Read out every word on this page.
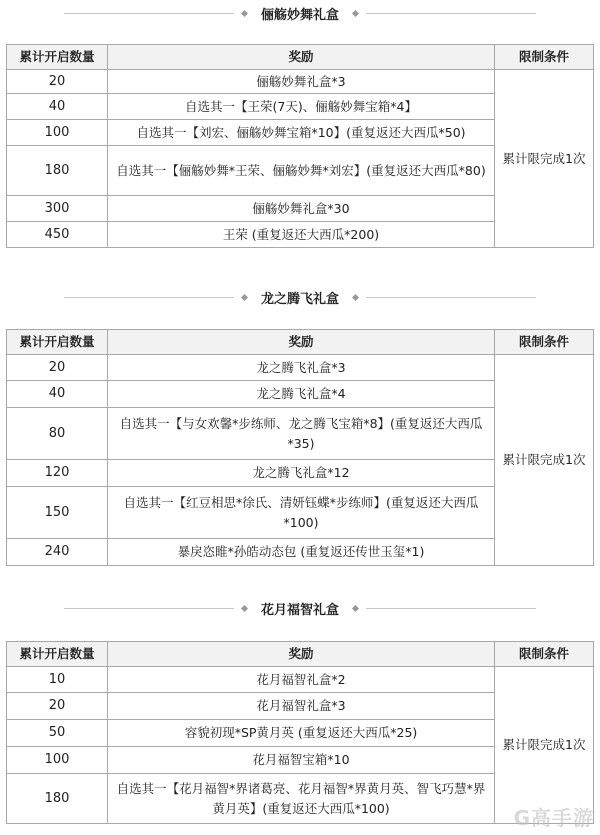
俪觞妙舞礼盒
累计开启数量	奖励	限制条件
20	俪觞妙舞礼盒*3	累计限完成1次
40	自选其一【王荣(7天)、俪觞妙舞宝箱*4】	
100	自选其一【刘宏、俪觞妙舞宝箱*10】(重复返还大西瓜*50)	
180	自选其一【俪觞妙舞*王荣、俪觞妙舞*刘宏】(重复返还大西瓜*80)	
300	俪觞妙舞礼盒*30	
450	王荣 (重复返还大西瓜*200)	
龙之腾飞礼盒
累计开启数量	奖励	限制条件
20	龙之腾飞礼盒*3	累计限完成1次
40	龙之腾飞礼盒*4	
80	自选其一【与女欢馨*步练师、龙之腾飞宝箱*8】(重复返还大西瓜*35)	
120	龙之腾飞礼盒*12	
150	自选其一【红豆相思*徐氏、清妍钰蝶*步练师】(重复返还大西瓜*100)	
240	暴戾恣睢*孙皓动态包 (重复返还传世玉玺*1)	
花月福智礼盒
累计开启数量	奖励	限制条件
10	花月福智礼盒*2	累计限完成1次
20	花月福智礼盒*3	
50	容貌初现*SP黄月英 (重复返还大西瓜*25)	
100	花月福智宝箱*10	
180	自选其一【花月福智*界诸葛亮、花月福智*界黄月英、智飞巧慧*界黄月英】(重复返还大西瓜*100)		G高手游
